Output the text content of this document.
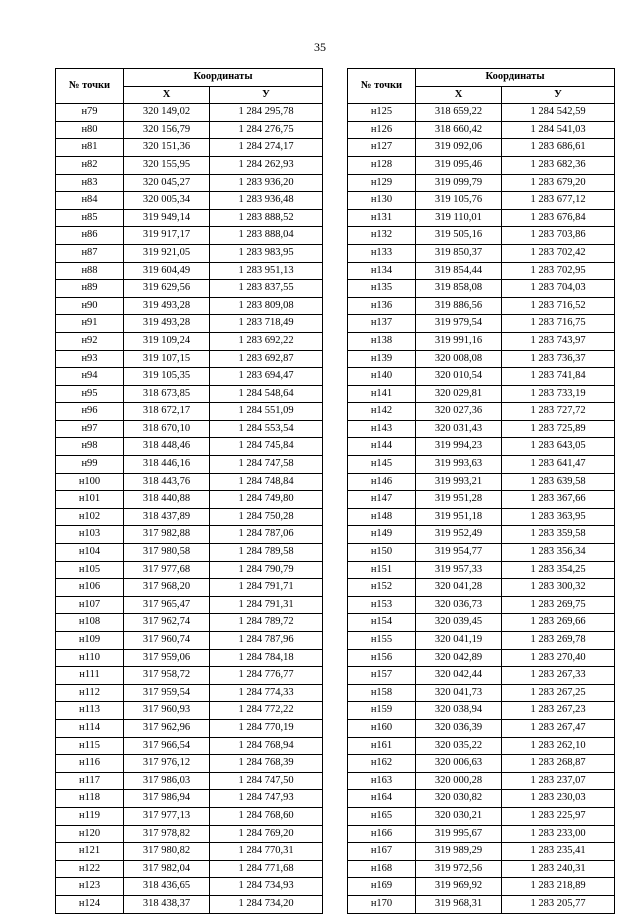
35
№ точки	Координаты	
	Х	У
н79	320 149,02	1 284 295,78
н80	320 156,79	1 284 276,75
н81	320 151,36	1 284 274,17
н82	320 155,95	1 284 262,93
н83	320 045,27	1 283 936,20
н84	320 005,34	1 283 936,48
н85	319 949,14	1 283 888,52
н86	319 917,17	1 283 888,04
н87	319 921,05	1 283 983,95
н88	319 604,49	1 283 951,13
н89	319 629,56	1 283 837,55
н90	319 493,28	1 283 809,08
н91	319 493,28	1 283 718,49
н92	319 109,24	1 283 692,22
н93	319 107,15	1 283 692,87
н94	319 105,35	1 283 694,47
н95	318 673,85	1 284 548,64
н96	318 672,17	1 284 551,09
н97	318 670,10	1 284 553,54
н98	318 448,46	1 284 745,84
н99	318 446,16	1 284 747,58
н100	318 443,76	1 284 748,84
н101	318 440,88	1 284 749,80
н102	318 437,89	1 284 750,28
н103	317 982,88	1 284 787,06
н104	317 980,58	1 284 789,58
н105	317 977,68	1 284 790,79
н106	317 968,20	1 284 791,71
н107	317 965,47	1 284 791,31
н108	317 962,74	1 284 789,72
н109	317 960,74	1 284 787,96
н110	317 959,06	1 284 784,18
н111	317 958,72	1 284 776,77
н112	317 959,54	1 284 774,33
н113	317 960,93	1 284 772,22
н114	317 962,96	1 284 770,19
н115	317 966,54	1 284 768,94
н116	317 976,12	1 284 768,39
н117	317 986,03	1 284 747,50
н118	317 986,94	1 284 747,93
н119	317 977,13	1 284 768,60
н120	317 978,82	1 284 769,20
н121	317 980,82	1 284 770,31
н122	317 982,04	1 284 771,68
н123	318 436,65	1 284 734,93
н124	318 438,37	1 284 734,20
№ точки	Координаты	
	Х	У
н125	318 659,22	1 284 542,59
н126	318 660,42	1 284 541,03
н127	319 092,06	1 283 686,61
н128	319 095,46	1 283 682,36
н129	319 099,79	1 283 679,20
н130	319 105,76	1 283 677,12
н131	319 110,01	1 283 676,84
н132	319 505,16	1 283 703,86
н133	319 850,37	1 283 702,42
н134	319 854,44	1 283 702,95
н135	319 858,08	1 283 704,03
н136	319 886,56	1 283 716,52
н137	319 979,54	1 283 716,75
н138	319 991,16	1 283 743,97
н139	320 008,08	1 283 736,37
н140	320 010,54	1 283 741,84
н141	320 029,81	1 283 733,19
н142	320 027,36	1 283 727,72
н143	320 031,43	1 283 725,89
н144	319 994,23	1 283 643,05
н145	319 993,63	1 283 641,47
н146	319 993,21	1 283 639,58
н147	319 951,28	1 283 367,66
н148	319 951,18	1 283 363,95
н149	319 952,49	1 283 359,58
н150	319 954,77	1 283 356,34
н151	319 957,33	1 283 354,25
н152	320 041,28	1 283 300,32
н153	320 036,73	1 283 269,75
н154	320 039,45	1 283 269,66
н155	320 041,19	1 283 269,78
н156	320 042,89	1 283 270,40
н157	320 042,44	1 283 267,33
н158	320 041,73	1 283 267,25
н159	320 038,94	1 283 267,23
н160	320 036,39	1 283 267,47
н161	320 035,22	1 283 262,10
н162	320 006,63	1 283 268,87
н163	320 000,28	1 283 237,07
н164	320 030,82	1 283 230,03
н165	320 030,21	1 283 225,97
н166	319 995,67	1 283 233,00
н167	319 989,29	1 283 235,41
н168	319 972,56	1 283 240,31
н169	319 969,92	1 283 218,89
н170	319 968,31	1 283 205,77
